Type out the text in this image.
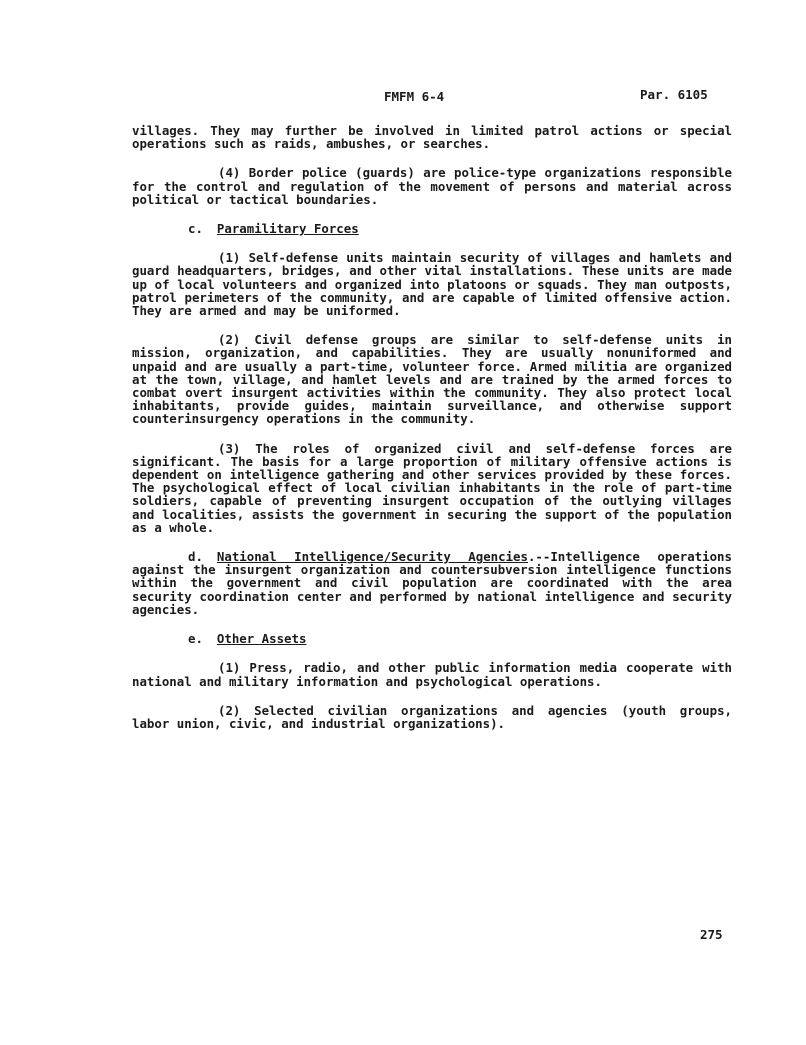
FMFM 6-4	Par. 6105

villages. They may further be involved in limited patrol actions or special operations such as raids, ambushes, or searches.

(4) Border police (guards) are police-type organizations responsible for the control and regulation of the movement of persons and material across political or tactical boundaries.

c. Paramilitary Forces

(1) Self-defense units maintain security of villages and hamlets and guard headquarters, bridges, and other vital installations. These units are made up of local volunteers and organized into platoons or squads. They man outposts, patrol perimeters of the community, and are capable of limited offensive action. They are armed and may be uniformed.

(2) Civil defense groups are similar to self-defense units in mission, organization, and capabilities. They are usually nonuniformed and unpaid and are usually a part-time, volunteer force. Armed militia are organized at the town, village, and hamlet levels and are trained by the armed forces to combat overt insurgent activities within the community. They also protect local inhabitants, provide guides, maintain surveillance, and otherwise support counterinsurgency operations in the community.

(3) The roles of organized civil and self-defense forces are significant. The basis for a large proportion of military offensive actions is dependent on intelligence gathering and other services provided by these forces. The psychological effect of local civilian inhabitants in the role of part-time soldiers, capable of preventing insurgent occupation of the outlying villages and localities, assists the government in securing the support of the population as a whole.

d. National Intelligence/Security Agencies.--Intelligence operations against the insurgent organization and countersubversion intelligence functions within the government and civil population are coordinated with the area security coordination center and performed by national intelligence and security agencies.

e. Other Assets

(1) Press, radio, and other public information media cooperate with national and military information and psychological operations.

(2) Selected civilian organizations and agencies (youth groups, labor union, civic, and industrial organizations).

275
